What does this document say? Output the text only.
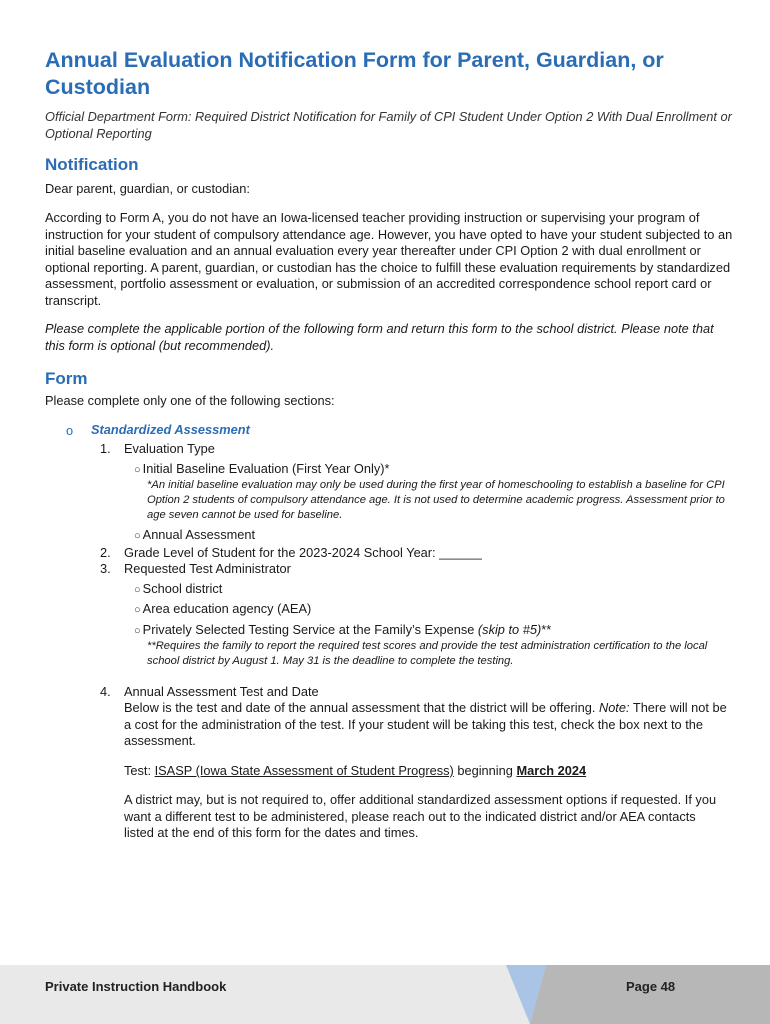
Annual Evaluation Notification Form for Parent, Guardian, or Custodian

Official Department Form: Required District Notification for Family of CPI Student Under Option 2 With Dual Enrollment or Optional Reporting

Notification

Dear parent, guardian, or custodian:

According to Form A, you do not have an Iowa-licensed teacher providing instruction or supervising your program of instruction for your student of compulsory attendance age. However, you have opted to have your student subjected to an initial baseline evaluation and an annual evaluation every year thereafter under CPI Option 2 with dual enrollment or optional reporting. A parent, guardian, or custodian has the choice to fulfill these evaluation requirements by standardized assessment, portfolio assessment or evaluation, or submission of an accredited correspondence school report card or transcript.

Please complete the applicable portion of the following form and return this form to the school district. Please note that this form is optional (but recommended).

Form

Please complete only one of the following sections:

o Standardized Assessment

1. Evaluation Type

○ Initial Baseline Evaluation (First Year Only)*

*An initial baseline evaluation may only be used during the first year of homeschooling to establish a baseline for CPI Option 2 students of compulsory attendance age. It is not used to determine academic progress. Assessment prior to age seven cannot be used for baseline.

○ Annual Assessment
2. Grade Level of Student for the 2023-2024 School Year: ______

3. Requested Test Administrator

○ School district
○ Area education agency (AEA)
○ Privately Selected Testing Service at the Family’s Expense (skip to #5)**

**Requires the family to report the required test scores and provide the test administration certification to the local school district by August 1. May 31 is the deadline to complete the testing.

4. Annual Assessment Test and Date

Below is the test and date of the annual assessment that the district will be offering. Note: There will not be a cost for the administration of the test. If your student will be taking this test, check the box next to the assessment.

Test: ISASP (Iowa State Assessment of Student Progress) beginning March 2024

A district may, but is not required to, offer additional standardized assessment options if requested. If you want a different test to be administered, please reach out to the indicated district and/or AEA contacts listed at the end of this form for the dates and times.

Private Instruction Handbook	Page 48
